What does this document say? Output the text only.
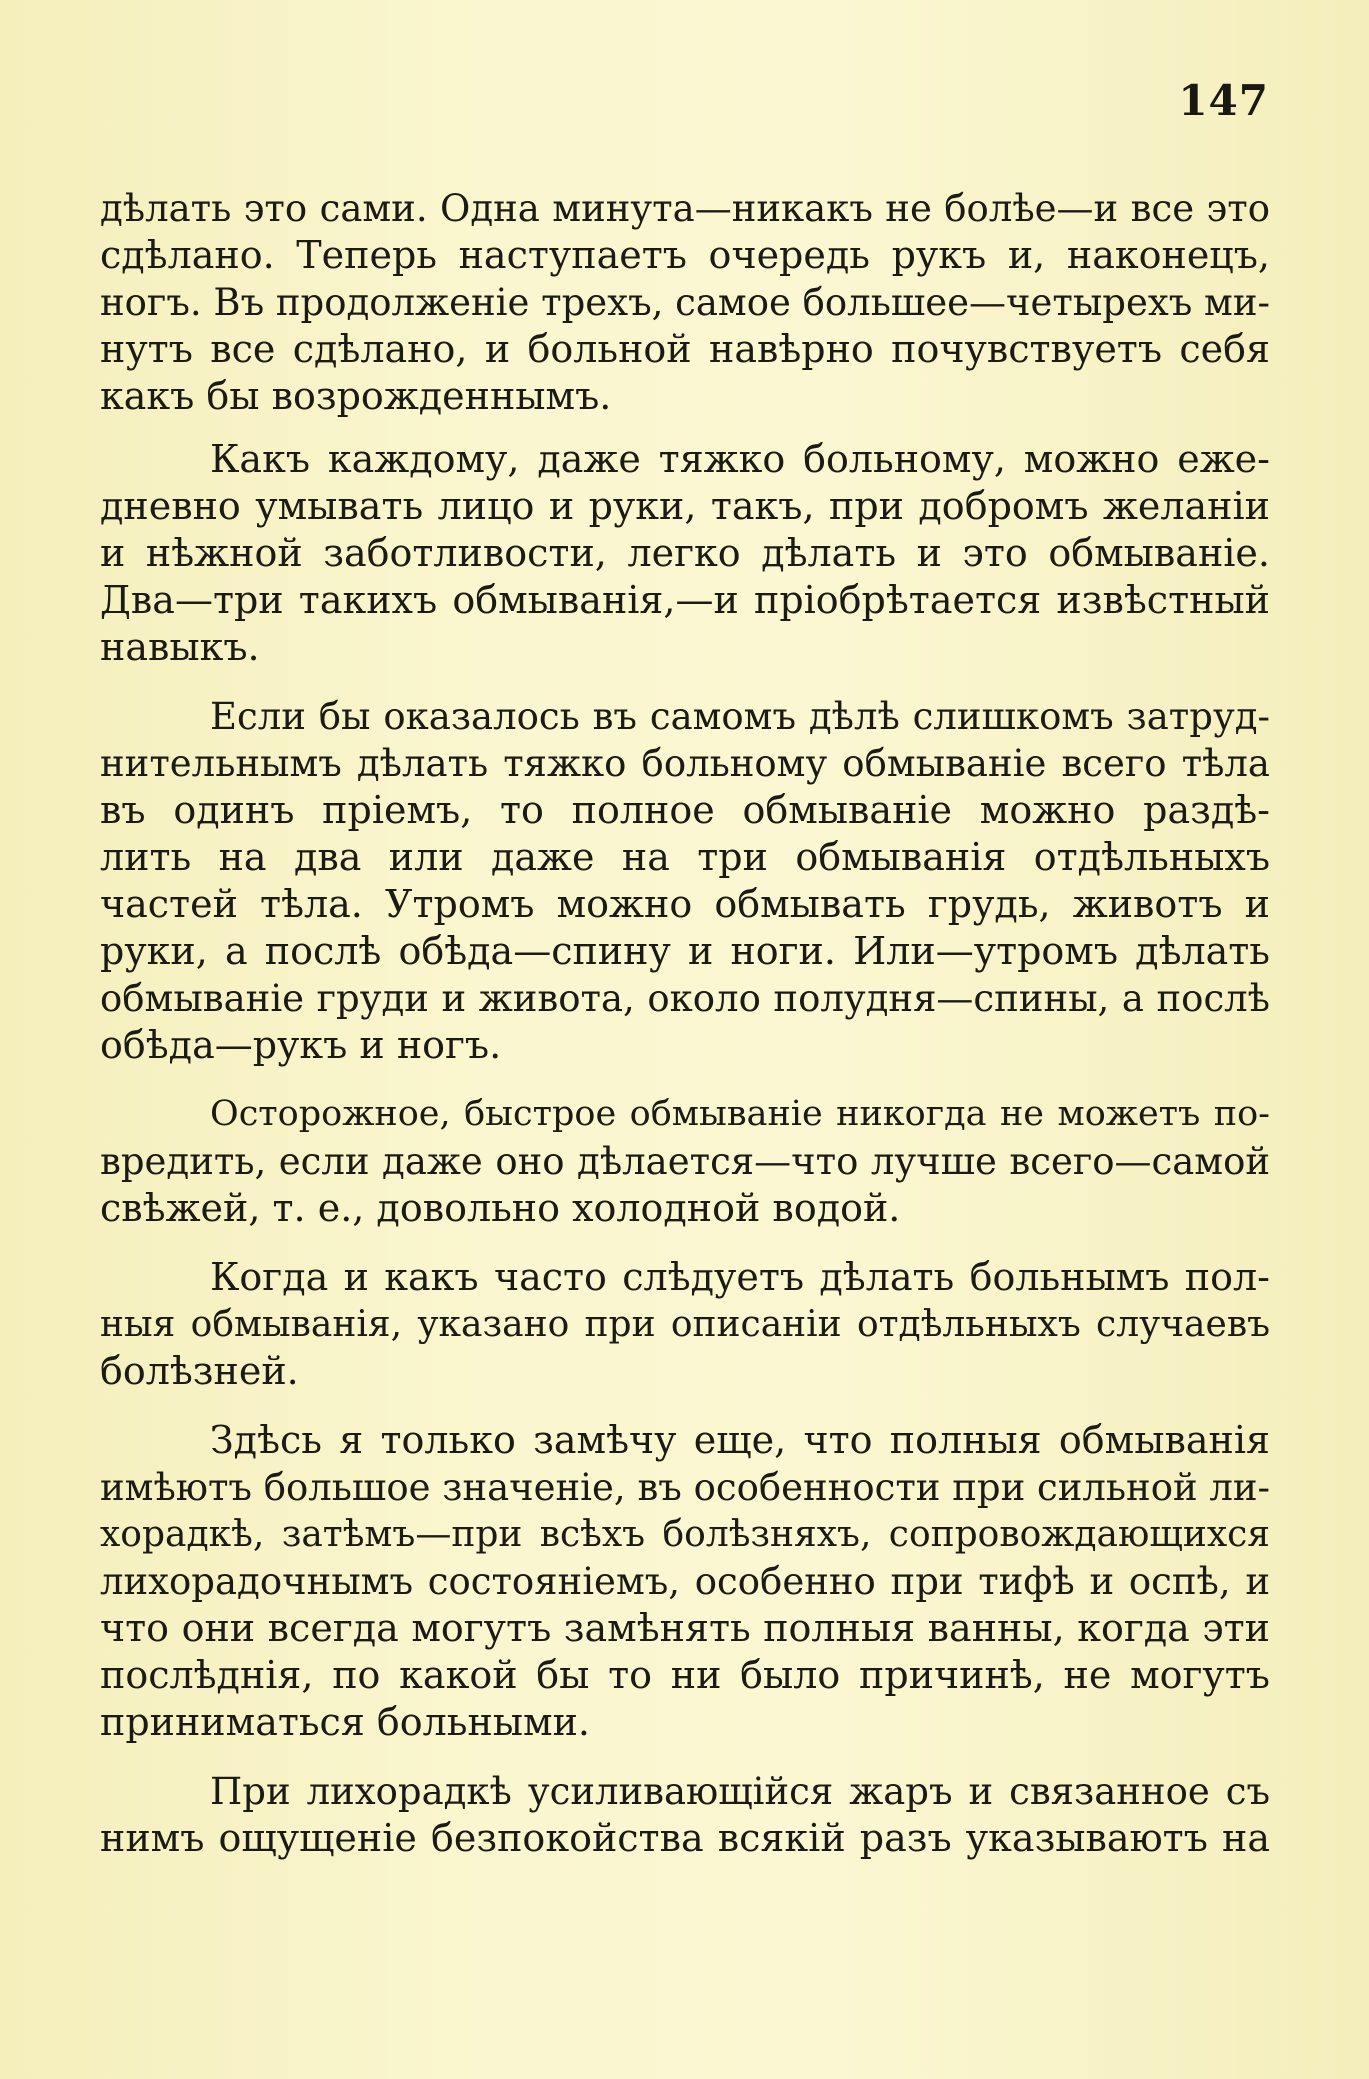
147
дѣлать это сами. Одна минута—никакъ не болѣе—и все это
сдѣлано. Теперь наступаетъ очередь рукъ и, наконецъ,
ногъ. Въ продолженіе трехъ, самое большее—четырехъ ми-
нутъ все сдѣлано, и больной навѣрно почувствуетъ себя
какъ бы возрожденнымъ.
Какъ каждому, даже тяжко больному, можно еже-
дневно умывать лицо и руки, такъ, при добромъ желаніи
и нѣжной заботливости, легко дѣлать и это обмываніе.
Два—три такихъ обмыванія,—и пріобрѣтается извѣстный
навыкъ.
Если бы оказалось въ самомъ дѣлѣ слишкомъ затруд-
нительнымъ дѣлать тяжко больному обмываніе всего тѣла
въ одинъ пріемъ, то полное обмываніе можно раздѣ-
лить на два или даже на три обмыванія отдѣльныхъ
частей тѣла. Утромъ можно обмывать грудь, животъ и
руки, а послѣ обѣда—спину и ноги. Или—утромъ дѣлать
обмываніе груди и живота, около полудня—спины, а послѣ
обѣда—рукъ и ногъ.
Осторожное, быстрое обмываніе никогда не можетъ по-
вредить, если даже оно дѣлается—что лучше всего—самой
свѣжей, т. е., довольно холодной водой.
Когда и какъ часто слѣдуетъ дѣлать больнымъ пол-
ныя обмыванія, указано при описаніи отдѣльныхъ случаевъ
болѣзней.
Здѣсь я только замѣчу еще, что полныя обмыванія
имѣютъ большое значеніе, въ особенности при сильной ли-
хорадкѣ, затѣмъ—при всѣхъ болѣзняхъ, сопровождающихся
лихорадочнымъ состояніемъ, особенно при тифѣ и оспѣ, и
что они всегда могутъ замѣнять полныя ванны, когда эти
послѣднія, по какой бы то ни было причинѣ, не могутъ
приниматься больными.
При лихорадкѣ усиливающійся жаръ и связанное съ
нимъ ощущеніе безпокойства всякій разъ указываютъ на
